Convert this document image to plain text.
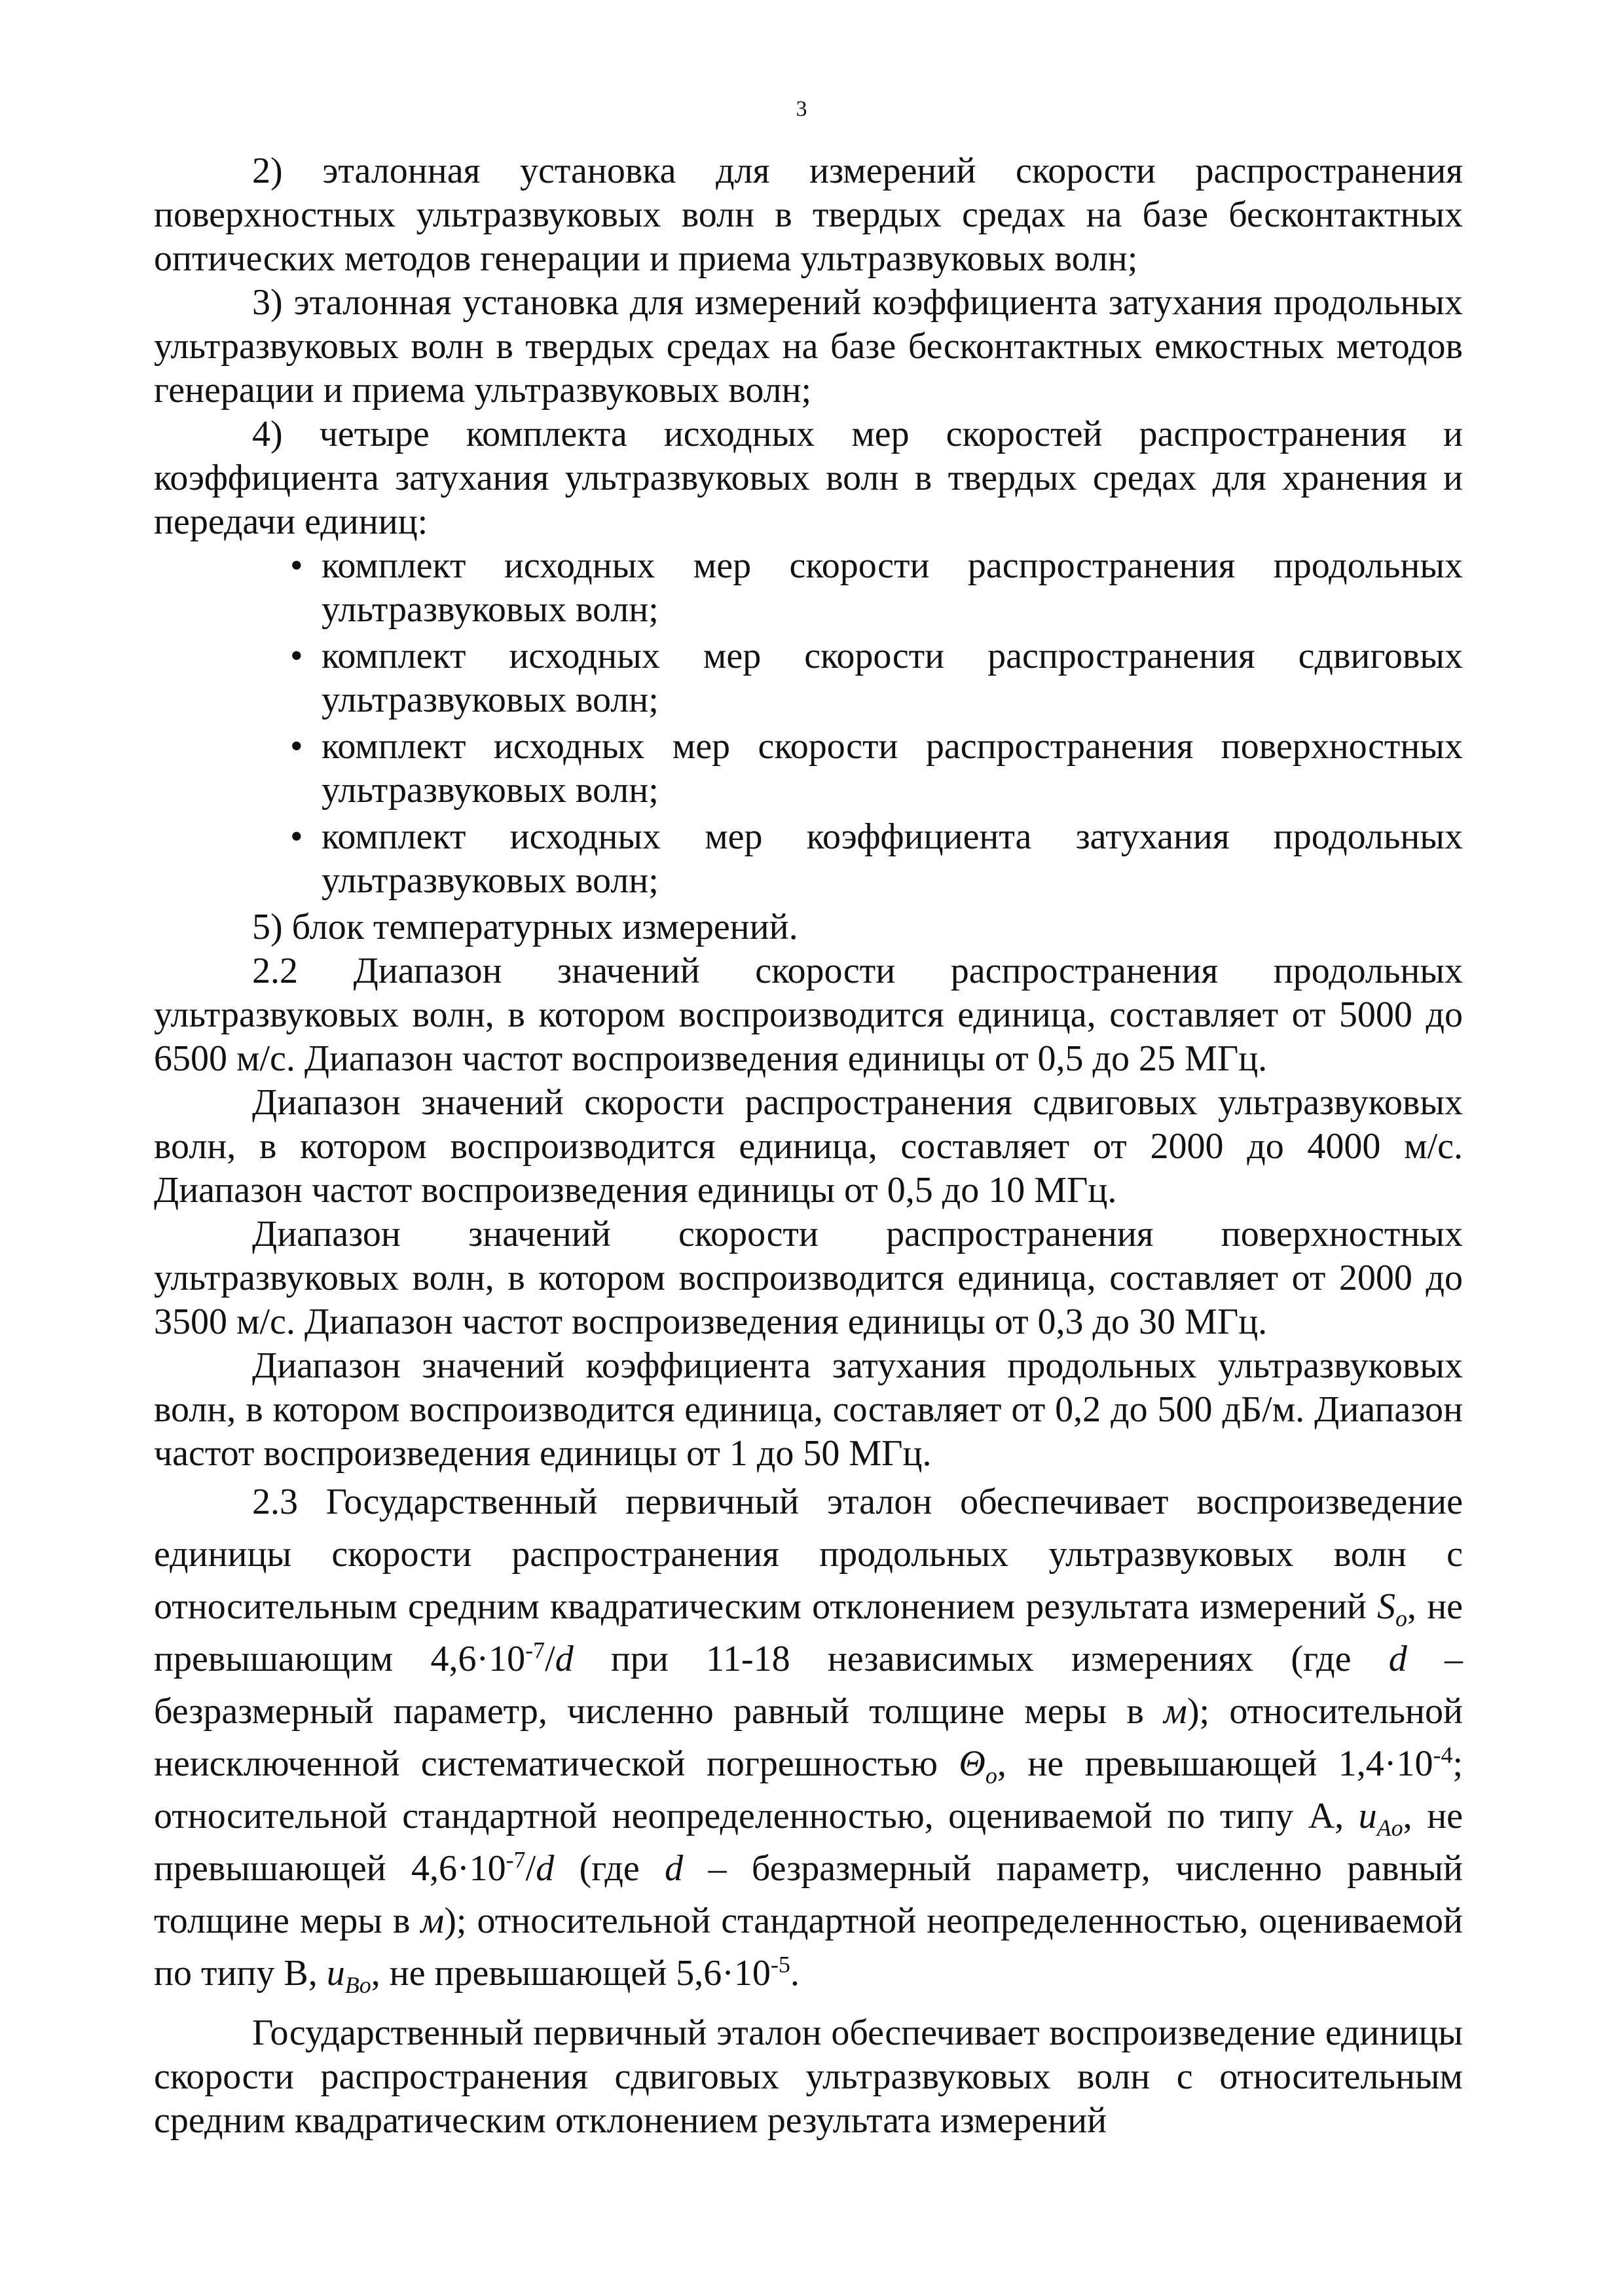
3

2) эталонная установка для измерений скорости распространения поверхностных ультразвуковых волн в твердых средах на базе бесконтактных оптических методов генерации и приема ультразвуковых волн;

3) эталонная установка для измерений коэффициента затухания продольных ультразвуковых волн в твердых средах на базе бесконтактных емкостных методов генерации и приема ультразвуковых волн;

4) четыре комплекта исходных мер скоростей распространения и коэффициента затухания ультразвуковых волн в твердых средах для хранения и передачи единиц:

• комплект исходных мер скорости распространения продольных ультразвуковых волн;
• комплект исходных мер скорости распространения сдвиговых ультразвуковых волн;
• комплект исходных мер скорости распространения поверхностных ультразвуковых волн;
• комплект исходных мер коэффициента затухания продольных ультразвуковых волн;

5) блок температурных измерений.

2.2 Диапазон значений скорости распространения продольных ультразвуковых волн, в котором воспроизводится единица, составляет от 5000 до 6500 м/с. Диапазон частот воспроизведения единицы от 0,5 до 25 МГц.

Диапазон значений скорости распространения сдвиговых ультразвуковых волн, в котором воспроизводится единица, составляет от 2000 до 4000 м/с. Диапазон частот воспроизведения единицы от 0,5 до 10 МГц.

Диапазон значений скорости распространения поверхностных ультразвуковых волн, в котором воспроизводится единица, составляет от 2000 до 3500 м/с. Диапазон частот воспроизведения единицы от 0,3 до 30 МГц.

Диапазон значений коэффициента затухания продольных ультразвуковых волн, в котором воспроизводится единица, составляет от 0,2 до 500 дБ/м. Диапазон частот воспроизведения единицы от 1 до 50 МГц.

2.3 Государственный первичный эталон обеспечивает воспроизведение единицы скорости распространения продольных ультразвуковых волн с относительным средним квадратическим отклонением результата измерений $S_o$, не превышающим $4,6\cdot 10^{-7}/d$ при 11-18 независимых измерениях (где d – безразмерный параметр, численно равный толщине меры в м); относительной неисключенной систематической погрешностью $\Theta_o$, не превышающей $1,4\cdot 10^{-4}$; относительной стандартной неопределенностью, оцениваемой по типу А, $u_{Ao}$, не превышающей $4,6\cdot 10^{-7}/d$ (где d – безразмерный параметр, численно равный толщине меры в м); относительной стандартной неопределенностью, оцениваемой по типу В, $u_{Bo}$, не превышающей $5,6\cdot 10^{-5}$.

Государственный первичный эталон обеспечивает воспроизведение единицы скорости распространения сдвиговых ультразвуковых волн с относительным средним квадратическим отклонением результата измерений
